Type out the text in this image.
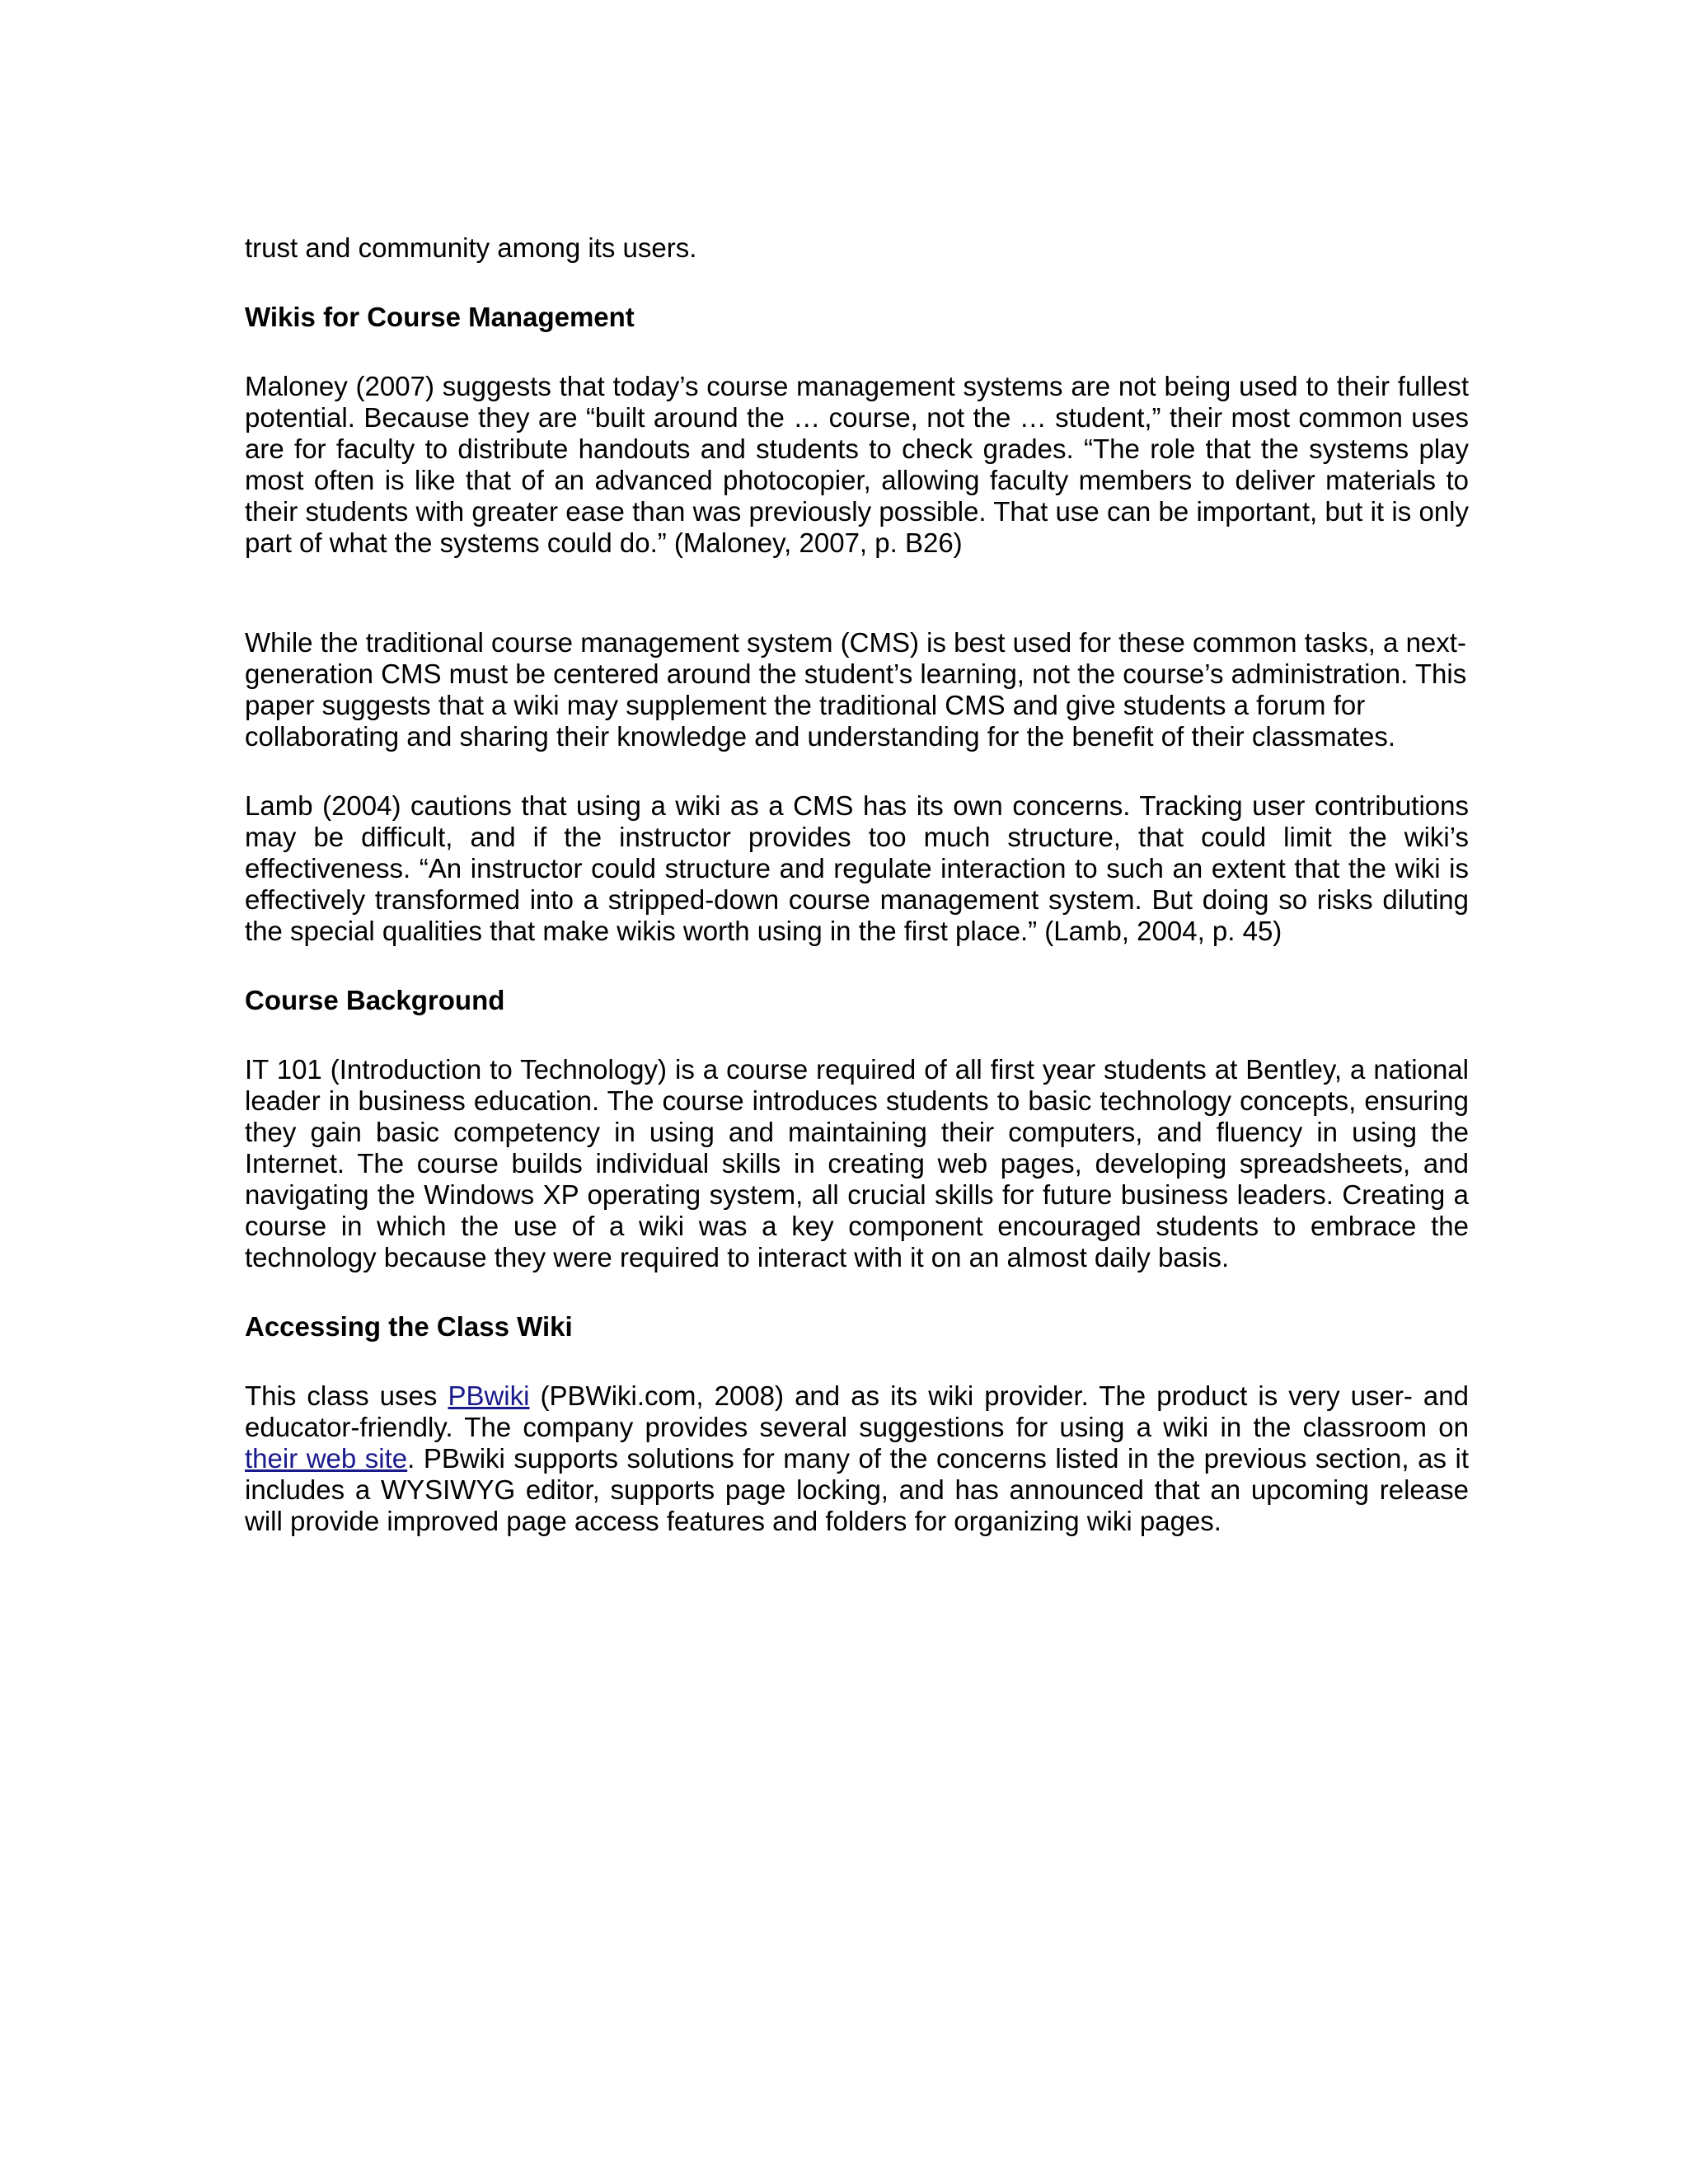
trust and community among its users.

Wikis for Course Management

Maloney (2007) suggests that today’s course management systems are not being used to their fullest potential. Because they are “built around the … course, not the … student,” their most common uses are for faculty to distribute handouts and students to check grades. “The role that the systems play most often is like that of an advanced photocopier, allowing faculty members to deliver materials to their students with greater ease than was previously possible. That use can be important, but it is only part of what the systems could do.” (Maloney, 2007, p. B26)

While the traditional course management system (CMS) is best used for these common tasks, a next-generation CMS must be centered around the student’s learning, not the course’s administration. This paper suggests that a wiki may supplement the traditional CMS and give students a forum for collaborating and sharing their knowledge and understanding for the benefit of their classmates.

Lamb (2004) cautions that using a wiki as a CMS has its own concerns. Tracking user contributions may be difficult, and if the instructor provides too much structure, that could limit the wiki’s effectiveness. “An instructor could structure and regulate interaction to such an extent that the wiki is effectively transformed into a stripped-down course management system. But doing so risks diluting the special qualities that make wikis worth using in the first place.” (Lamb, 2004, p. 45)

Course Background

IT 101 (Introduction to Technology) is a course required of all first year students at Bentley, a national leader in business education. The course introduces students to basic technology concepts, ensuring they gain basic competency in using and maintaining their computers, and fluency in using the Internet. The course builds individual skills in creating web pages, developing spreadsheets, and navigating the Windows XP operating system, all crucial skills for future business leaders. Creating a course in which the use of a wiki was a key component encouraged students to embrace the technology because they were required to interact with it on an almost daily basis.

Accessing the Class Wiki

This class uses PBwiki (PBWiki.com, 2008) and as its wiki provider. The product is very user- and educator-friendly. The company provides several suggestions for using a wiki in the classroom on their web site. PBwiki supports solutions for many of the concerns listed in the previous section, as it includes a WYSIWYG editor, supports page locking, and has announced that an upcoming release will provide improved page access features and folders for organizing wiki pages.
